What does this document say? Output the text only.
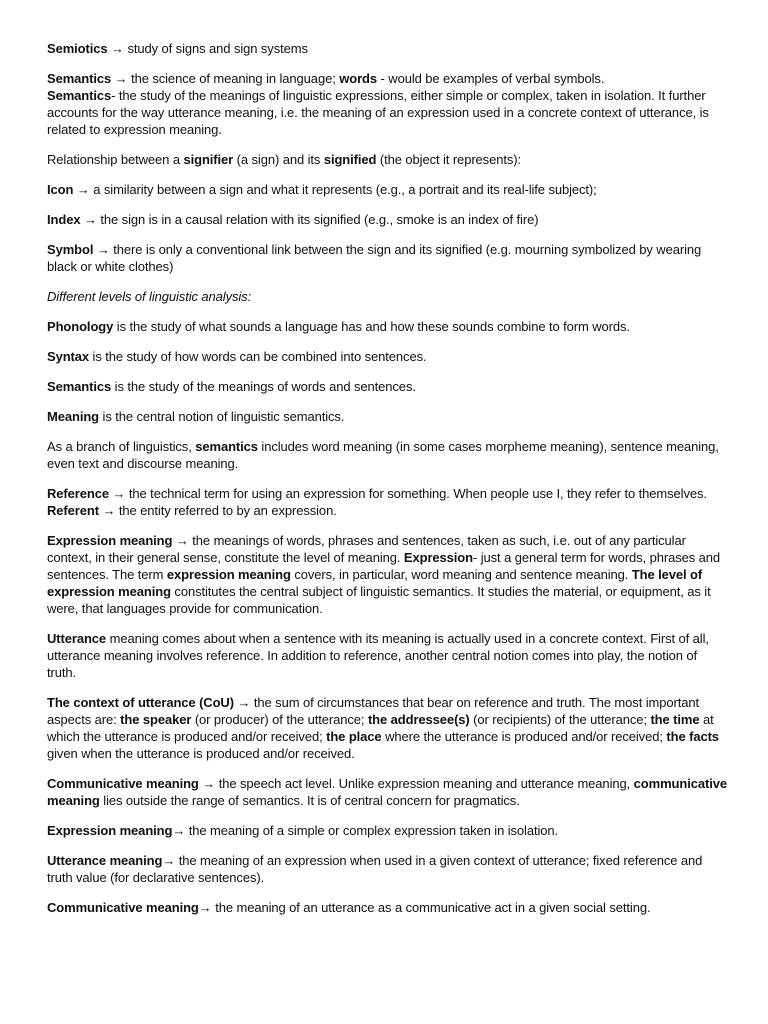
Semiotics → study of signs and sign systems

Semantics → the science of meaning in language; words - would be examples of verbal symbols.
Semantics- the study of the meanings of linguistic expressions, either simple or complex, taken in isolation. It further accounts for the way utterance meaning, i.e. the meaning of an expression used in a concrete context of utterance, is related to expression meaning.

Relationship between a signifier (a sign) and its signified (the object it represents):

Icon → a similarity between a sign and what it represents (e.g., a portrait and its real-life subject);

Index → the sign is in a causal relation with its signified (e.g., smoke is an index of fire)

Symbol → there is only a conventional link between the sign and its signified (e.g. mourning symbolized by wearing black or white clothes)

Different levels of linguistic analysis:

Phonology is the study of what sounds a language has and how these sounds combine to form words.

Syntax is the study of how words can be combined into sentences.

Semantics is the study of the meanings of words and sentences.

Meaning is the central notion of linguistic semantics.

As a branch of linguistics, semantics includes word meaning (in some cases morpheme meaning), sentence meaning, even text and discourse meaning.

Reference → the technical term for using an expression for something. When people use I, they refer to themselves. Referent → the entity referred to by an expression.

Expression meaning → the meanings of words, phrases and sentences, taken as such, i.e. out of any particular context, in their general sense, constitute the level of meaning. Expression- just a general term for words, phrases and sentences. The term expression meaning covers, in particular, word meaning and sentence meaning. The level of expression meaning constitutes the central subject of linguistic semantics. It studies the material, or equipment, as it were, that languages provide for communication.

Utterance meaning comes about when a sentence with its meaning is actually used in a concrete context. First of all, utterance meaning involves reference. In addition to reference, another central notion comes into play, the notion of truth.

The context of utterance (CoU) → the sum of circumstances that bear on reference and truth. The most important aspects are: the speaker (or producer) of the utterance; the addressee(s) (or recipients) of the utterance; the time at which the utterance is produced and/or received; the place where the utterance is produced and/or received; the facts given when the utterance is produced and/or received.

Communicative meaning → the speech act level. Unlike expression meaning and utterance meaning, communicative meaning lies outside the range of semantics. It is of central concern for pragmatics.

Expression meaning→ the meaning of a simple or complex expression taken in isolation.

Utterance meaning→ the meaning of an expression when used in a given context of utterance; fixed reference and truth value (for declarative sentences).

Communicative meaning→ the meaning of an utterance as a communicative act in a given social setting.
